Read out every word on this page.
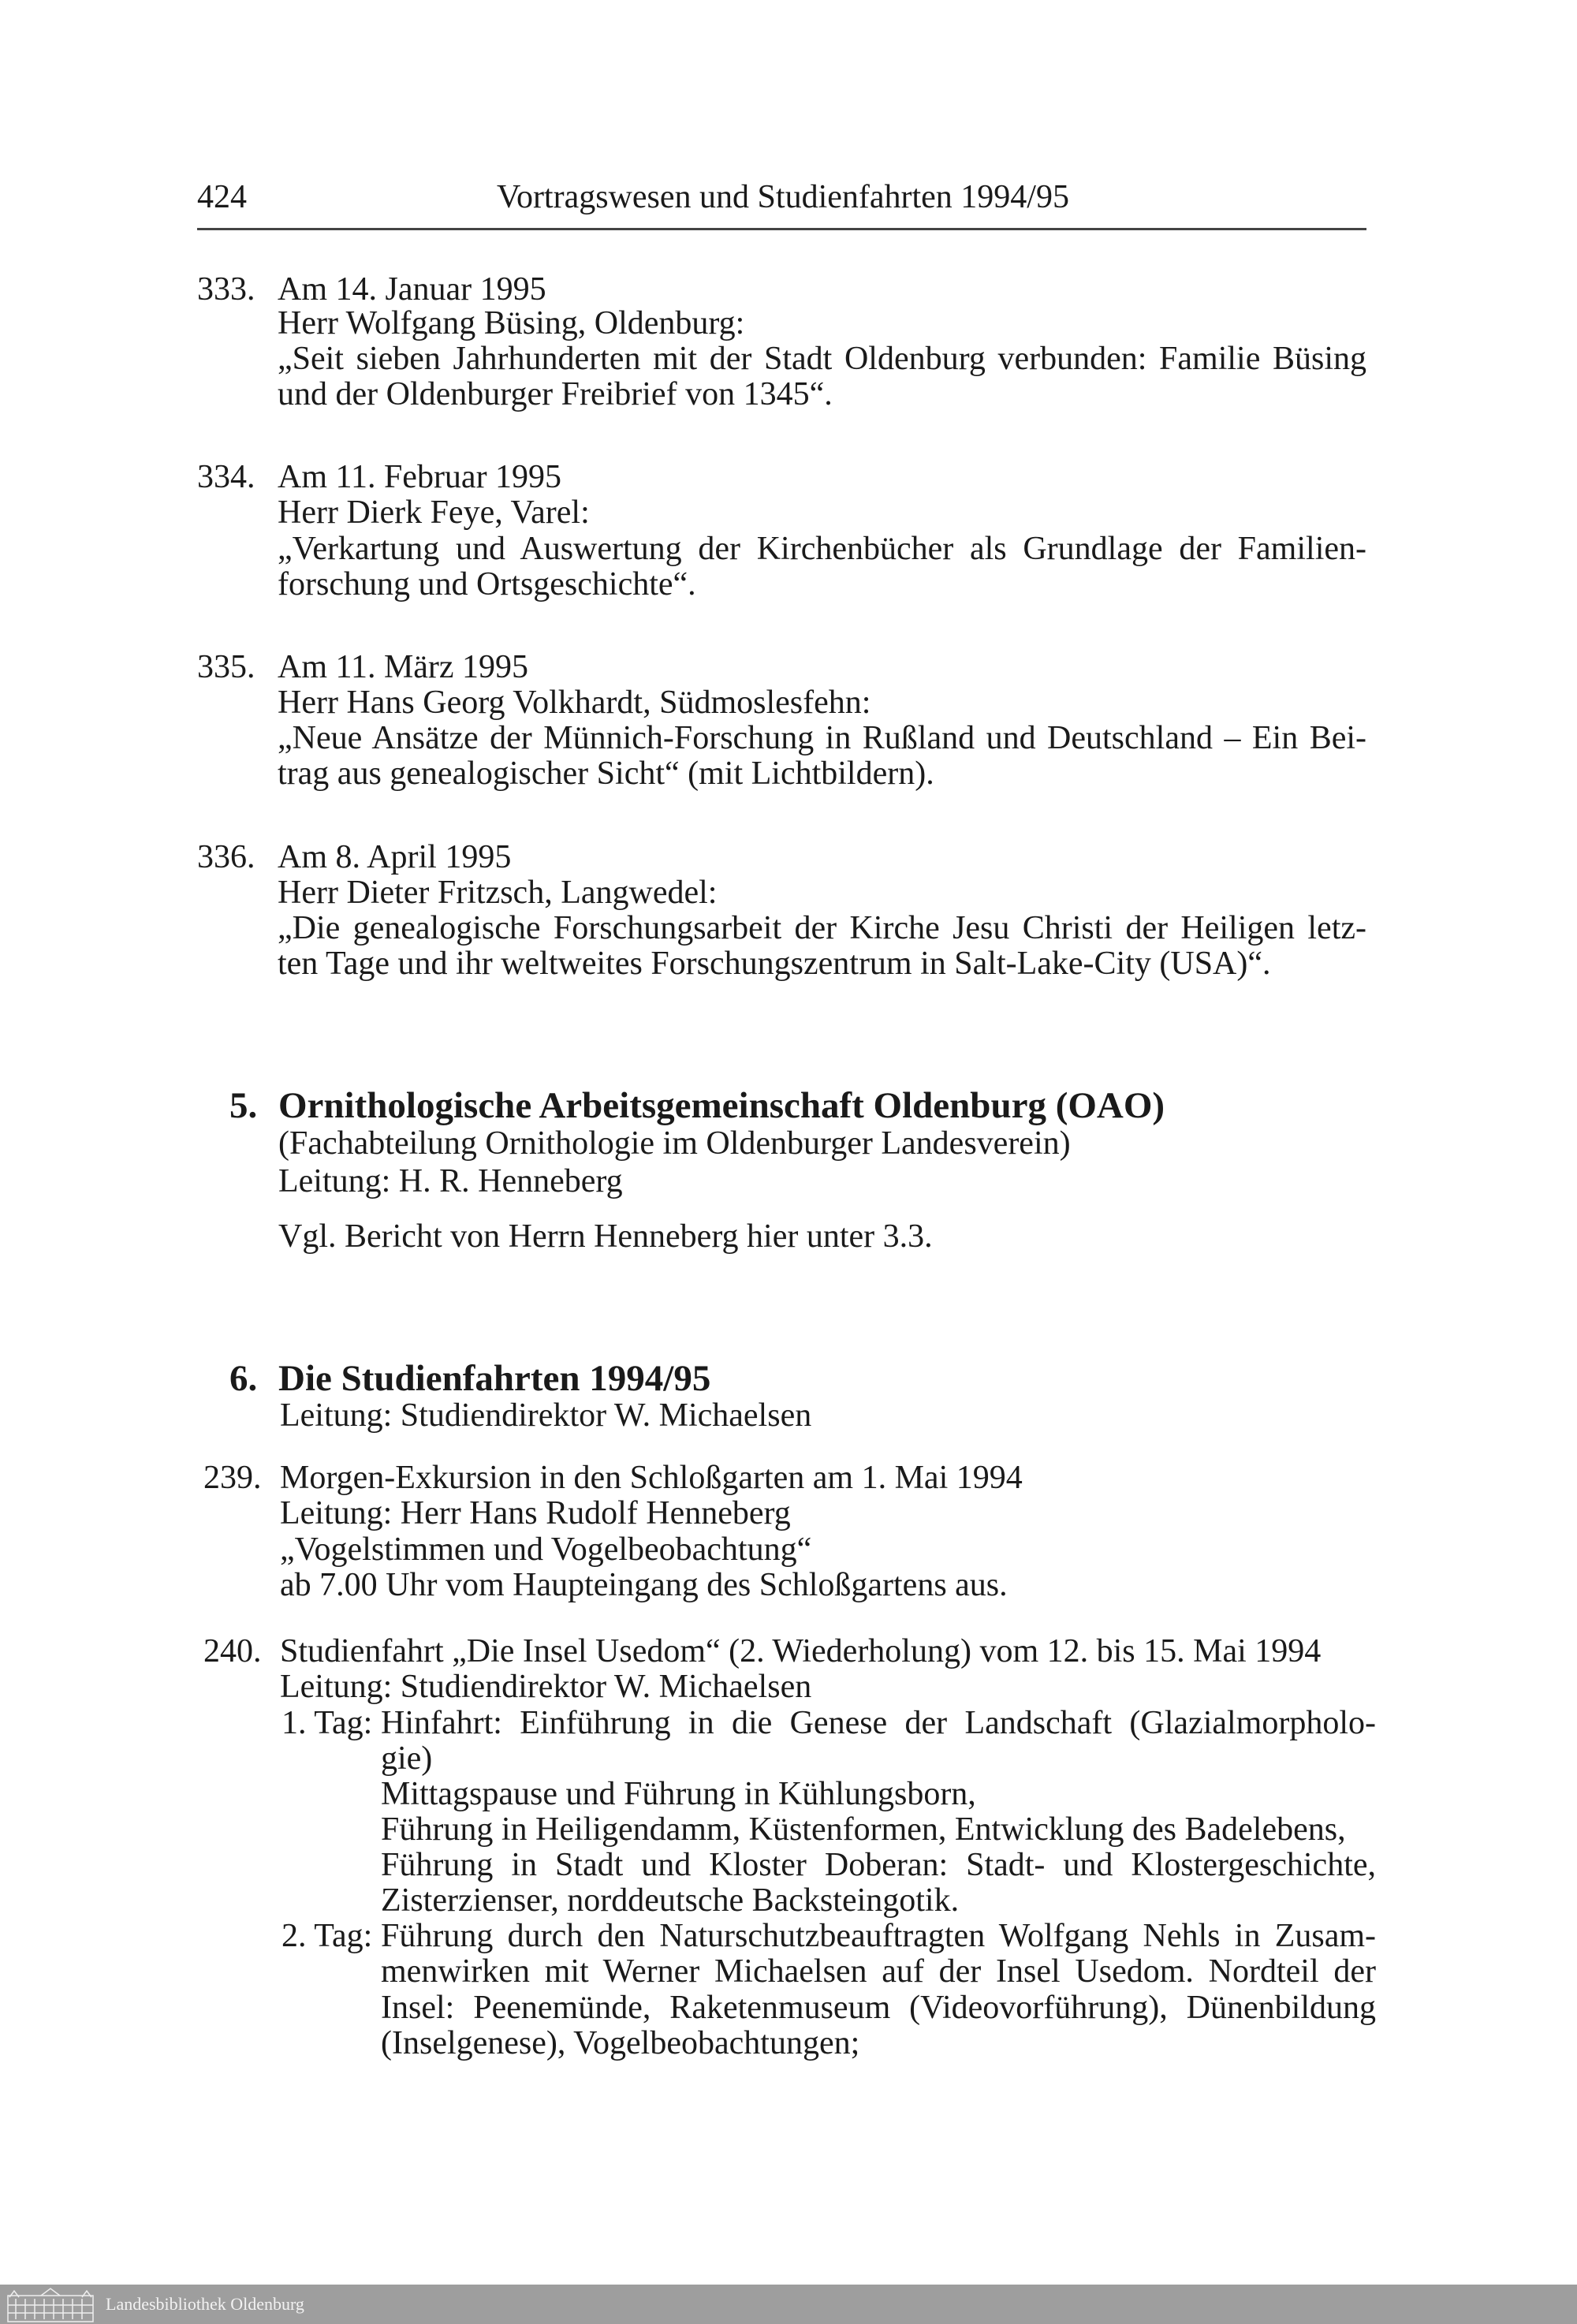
424	Vortragswesen und Studienfahrten 1994/95
333. Am 14. Januar 1995
Herr Wolfgang Büsing, Oldenburg:
„Seit sieben Jahrhunderten mit der Stadt Oldenburg verbunden: Familie Büsing
und der Oldenburger Freibrief von 1345“.
334. Am 11. Februar 1995
Herr Dierk Feye, Varel:
„Verkartung und Auswertung der Kirchenbücher als Grundlage der Familien-
forschung und Ortsgeschichte“.
335. Am 11. März 1995
Herr Hans Georg Volkhardt, Südmoslesfehn:
„Neue Ansätze der Münnich-Forschung in Rußland und Deutschland – Ein Bei-
trag aus genealogischer Sicht“ (mit Lichtbildern).
336. Am 8. April 1995
Herr Dieter Fritzsch, Langwedel:
„Die genealogische Forschungsarbeit der Kirche Jesu Christi der Heiligen letz-
ten Tage und ihr weltweites Forschungszentrum in Salt-Lake-City (USA)“.
5. Ornithologische Arbeitsgemeinschaft Oldenburg (OAO)
(Fachabteilung Ornithologie im Oldenburger Landesverein)
Leitung: H. R. Henneberg
Vgl. Bericht von Herrn Henneberg hier unter 3.3.
6. Die Studienfahrten 1994/95
Leitung: Studiendirektor W. Michaelsen
239. Morgen-Exkursion in den Schloßgarten am 1. Mai 1994
Leitung: Herr Hans Rudolf Henneberg
„Vogelstimmen und Vogelbeobachtung“
ab 7.00 Uhr vom Haupteingang des Schloßgartens aus.
240. Studienfahrt „Die Insel Usedom“ (2. Wiederholung) vom 12. bis 15. Mai 1994
Leitung: Studiendirektor W. Michaelsen
1. Tag: Hinfahrt: Einführung in die Genese der Landschaft (Glazialmorpholo-
gie)
Mittagspause und Führung in Kühlungsborn,
Führung in Heiligendamm, Küstenformen, Entwicklung des Badelebens,
Führung in Stadt und Kloster Doberan: Stadt- und Klostergeschichte,
Zisterzienser, norddeutsche Backsteingotik.
2. Tag: Führung durch den Naturschutzbeauftragten Wolfgang Nehls in Zusam-
menwirken mit Werner Michaelsen auf der Insel Usedom. Nordteil der
Insel: Peenemünde, Raketenmuseum (Videovorführung), Dünenbildung
(Inselgenese), Vogelbeobachtungen;
Landesbibliothek Oldenburg
